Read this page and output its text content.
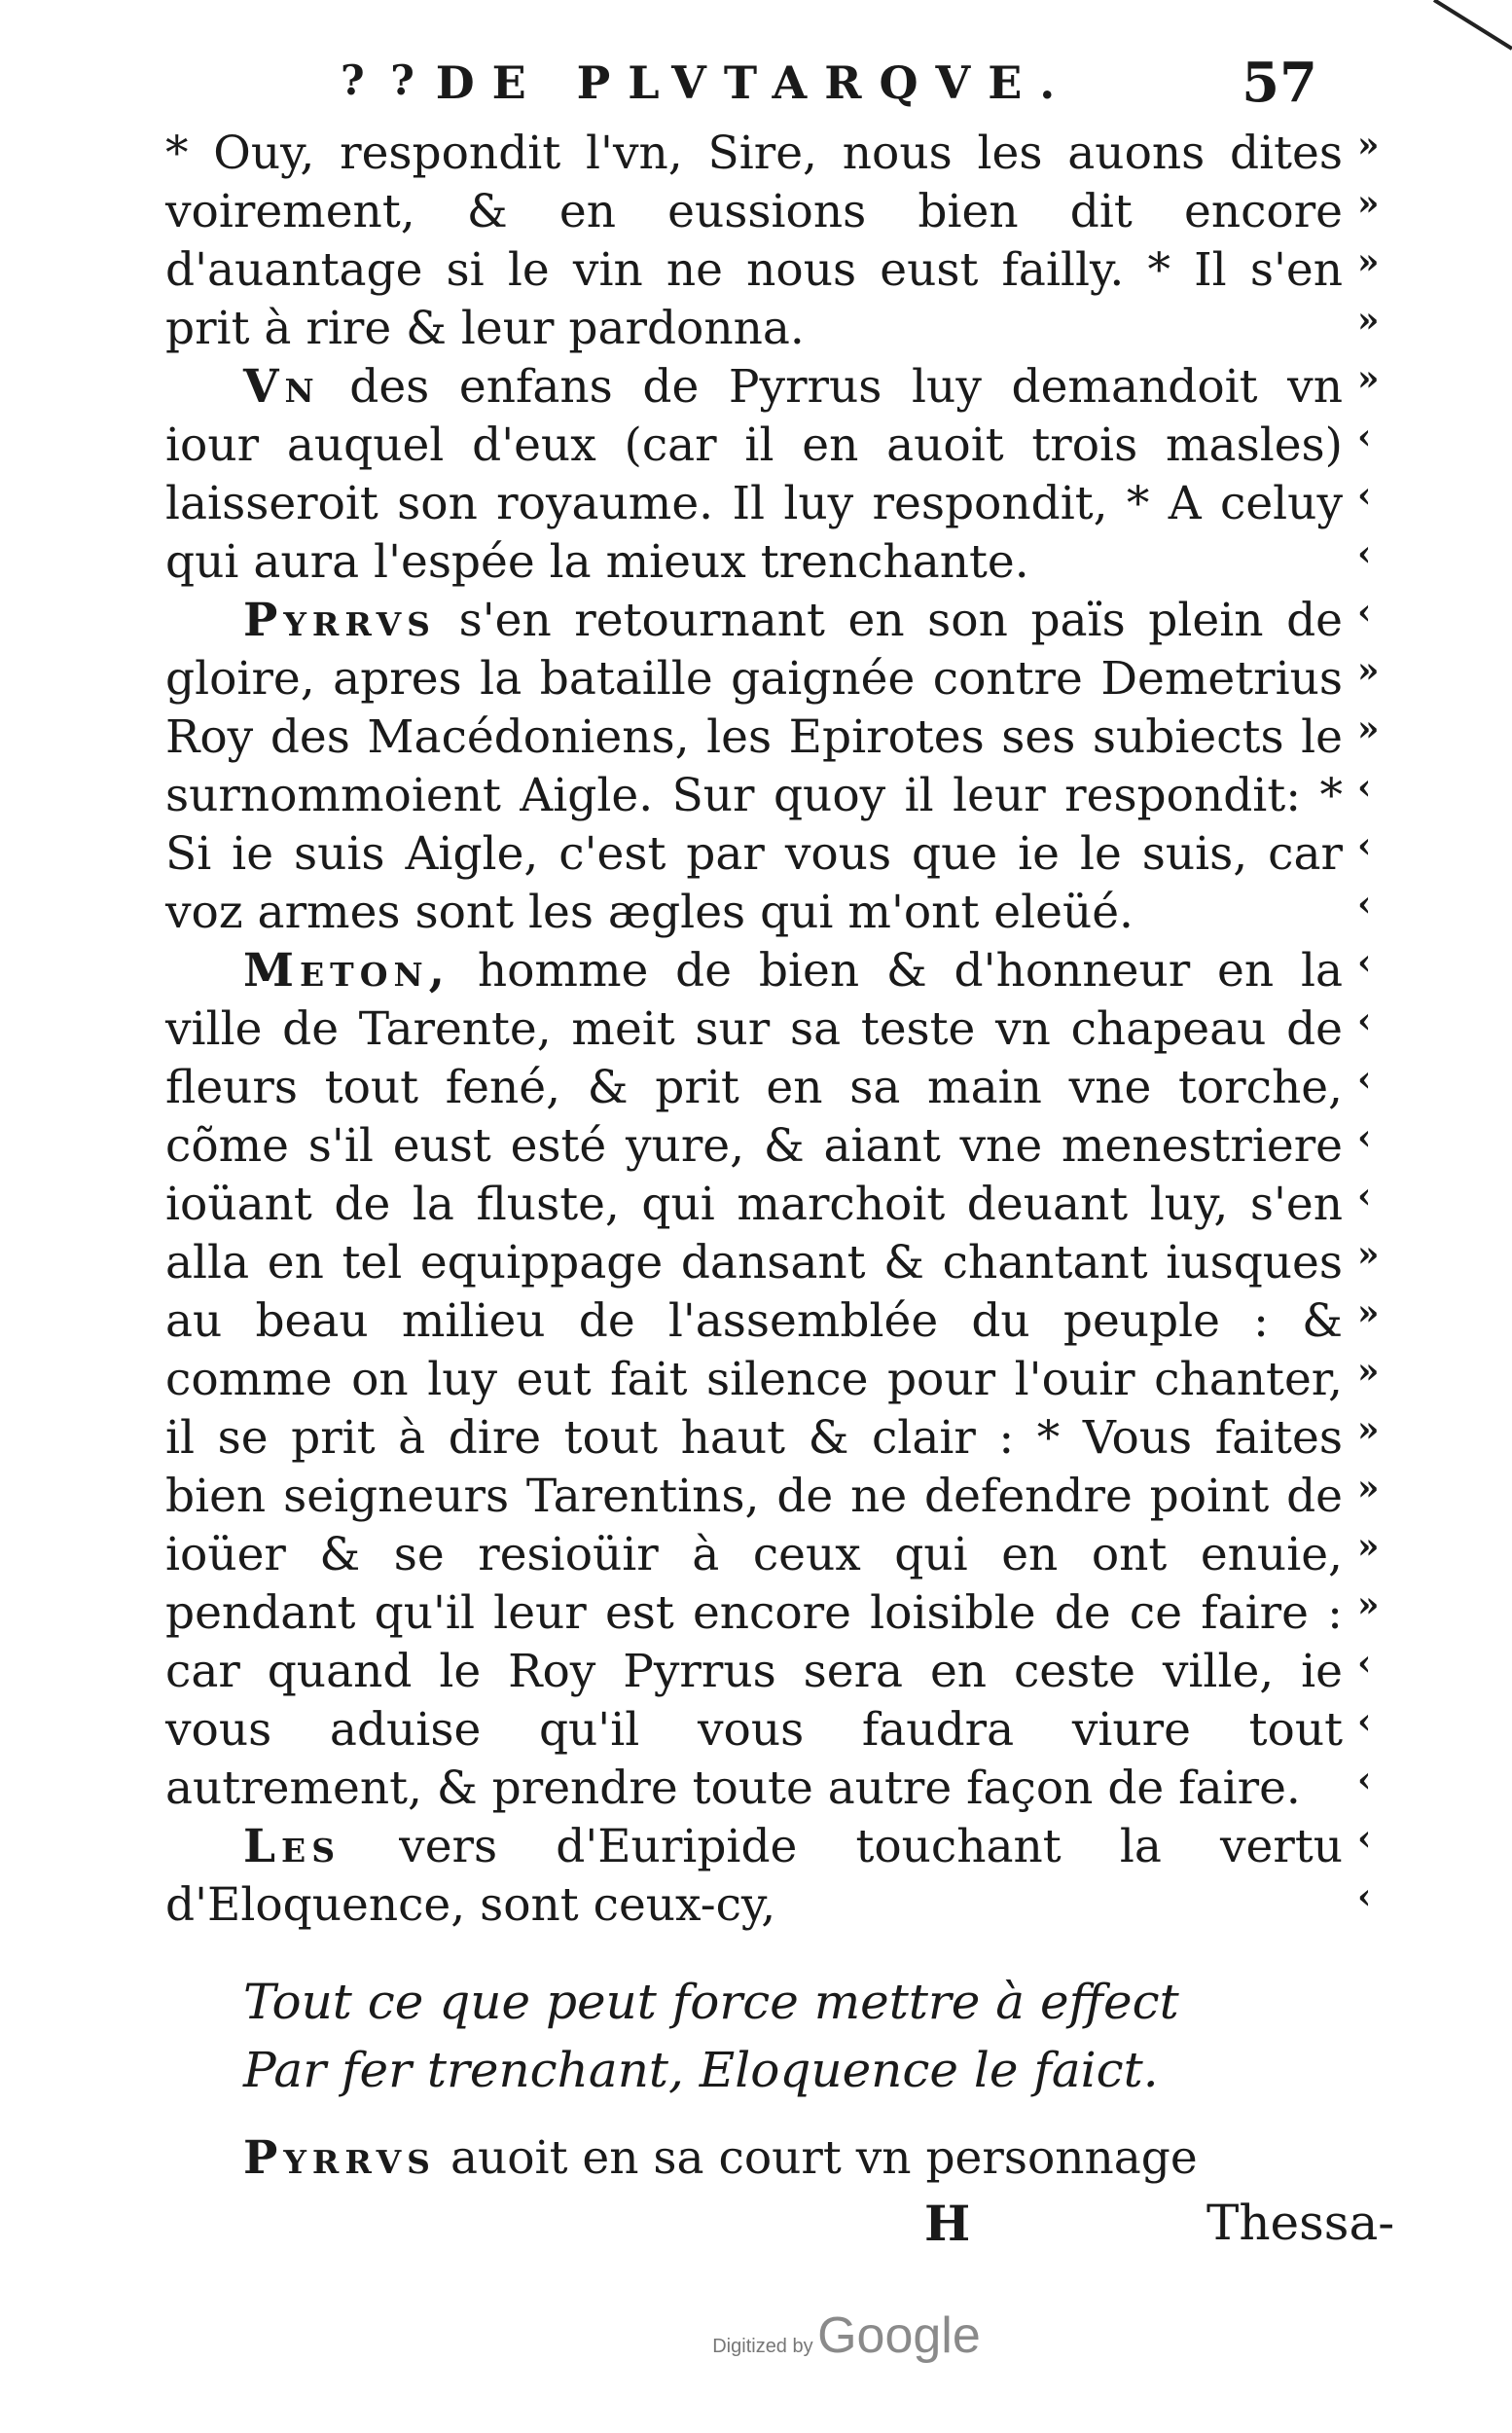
? ? DE PLVTARQVE.	57

* Ouy, respondit l'vn, Sire, nous les auons dites voirement, & en eussions bien dit encore d'auantage si le vin ne nous eust failly. * Il s'en prit à rire & leur pardonna.

Vn des enfans de Pyrrus luy demandoit vn iour auquel d'eux (car il en auoit trois masles) laisseroit son royaume. Il luy respondit, * A celuy qui aura l'espée la mieux trenchante.

Pyrrvs s'en retournant en son païs plein de gloire, apres la bataille gaignée contre Demetrius Roy des Macédoniens, les Epirotes ses subiects le surnommoient Aigle. Sur quoy il leur respondit: * Si ie suis Aigle, c'est par vous que ie le suis, car voz armes sont les ægles qui m'ont eleüé.

Meton, homme de bien & d'honneur en la ville de Tarente, meit sur sa teste vn chapeau de fleurs tout fené, & prit en sa main vne torche, cõme s'il eust esté yure, & aiant vne menestriere ioüant de la fluste, qui marchoit deuant luy, s'en alla en tel equippage dansant & chantant iusques au beau milieu de l'assemblée du peuple : & comme on luy eut fait silence pour l'ouir chanter, il se prit à dire tout haut & clair : * Vous faites bien seigneurs Tarentins, de ne defendre point de ioüer & se resioüir à ceux qui en ont enuie, pendant qu'il leur est encore loisible de ce faire : car quand le Roy Pyrrus sera en ceste ville, ie vous aduise qu'il vous faudra viure tout autrement, & prendre toute autre façon de faire.

Les vers d'Euripide touchant la vertu d'Eloquence, sont ceux-cy,

Tout ce que peut force mettre à effect
Par fer trenchant, Eloquence le faict.
Pyrrvs auoit en sa court vn personnage
H	Thessa-
»
»
»
»
»
‹
‹
‹
‹
»
»
‹
‹
‹
‹
‹
‹
‹
‹
»
»
»
»
»
»
»
‹
‹
‹
‹
‹
Digitized by Google
